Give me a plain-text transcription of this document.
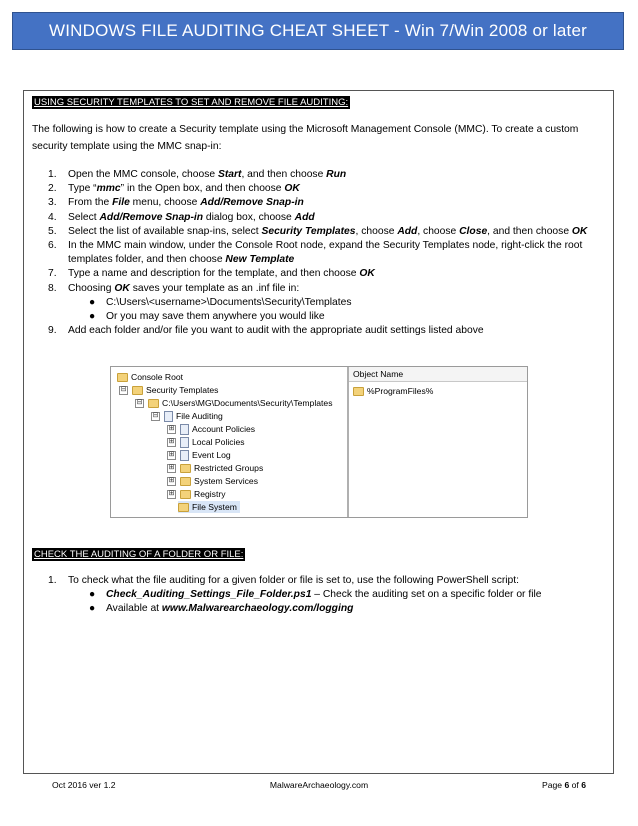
WINDOWS FILE AUDITING CHEAT SHEET - Win 7/Win 2008 or later
USING SECURITY TEMPLATES TO SET AND REMOVE FILE AUDITING:
The following is how to create a Security template using the Microsoft Management Console (MMC). To create a custom security template using the MMC snap-in:
1. Open the MMC console, choose Start, and then choose Run
2. Type “mmc” in the Open box, and then choose OK
3. From the File menu, choose Add/Remove Snap-in
4. Select Add/Remove Snap-in dialog box, choose Add
5. Select the list of available snap-ins, select Security Templates, choose Add, choose Close, and then choose OK
6. In the MMC main window, under the Console Root node, expand the Security Templates node, right-click the root templates folder, and then choose New Template
7. Type a name and description for the template, and then choose OK
8. Choosing OK saves your template as an .inf file in:
● C:\Users\<username>\Documents\Security\Templates
● Or you may save them anywhere you would like
9. Add each folder and/or file you want to audit with the appropriate audit settings listed above
Console Root
⊟ Security Templates
⊟ C:\Users\MG\Documents\Security\Templates
⊟ File Auditing
⊞ Account Policies
⊞ Local Policies
⊞ Event Log
⊞ Restricted Groups
⊞ System Services
⊞ Registry
File System
Object Name
%ProgramFiles%
CHECK THE AUDITING OF A FOLDER OR FILE:
1. To check what the file auditing for a given folder or file is set to, use the following PowerShell script:
● Check_Auditing_Settings_File_Folder.ps1 – Check the auditing set on a specific folder or file
● Available at www.Malwarearchaeology.com/logging
Oct 2016 ver 1.2	MalwareArchaeology.com	Page 6 of 6
